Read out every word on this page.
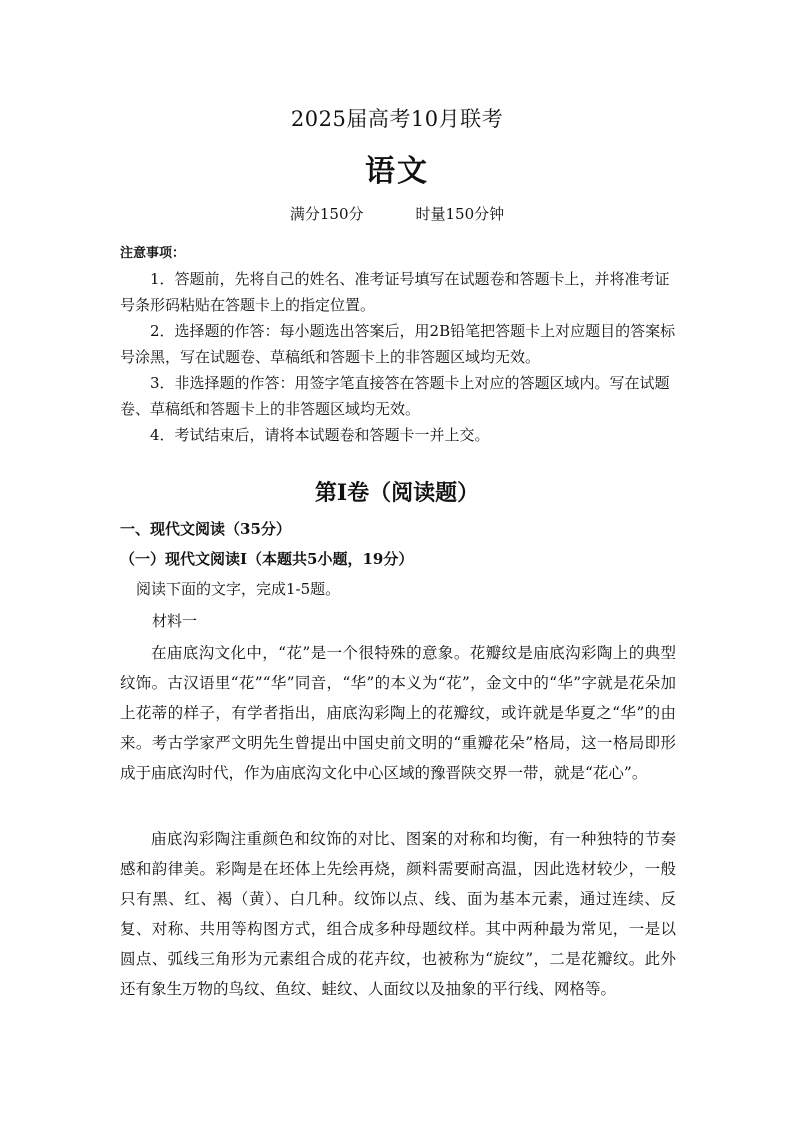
2025届高考10月联考
语文
满分150分	时量150分钟
注意事项：

1．答题前，先将自己的姓名、准考证号填写在试题卷和答题卡上，并将准考证号条形码粘贴在答题卡上的指定位置。

2．选择题的作答：每小题选出答案后，用2B铅笔把答题卡上对应题目的答案标号涂黑，写在试题卷、草稿纸和答题卡上的非答题区域均无效。

3．非选择题的作答：用签字笔直接答在答题卡上对应的答题区域内。写在试题卷、草稿纸和答题卡上的非答题区域均无效。

4．考试结束后，请将本试题卷和答题卡一并上交。

第Ⅰ卷（阅读题）
一、现代文阅读（35分）
（一）现代文阅读Ⅰ（本题共5小题，19分）
阅读下面的文字，完成1-5题。
材料一

在庙底沟文化中，“花”是一个很特殊的意象。花瓣纹是庙底沟彩陶上的典型纹饰。古汉语里“花”“华”同音，“华”的本义为“花”，金文中的“华”字就是花朵加上花蒂的样子，有学者指出，庙底沟彩陶上的花瓣纹，或许就是华夏之“华”的由来。考古学家严文明先生曾提出中国史前文明的“重瓣花朵”格局，这一格局即形成于庙底沟时代，作为庙底沟文化中心区域的豫晋陕交界一带，就是“花心”。

庙底沟彩陶注重颜色和纹饰的对比、图案的对称和均衡，有一种独特的节奏感和韵律美。彩陶是在坯体上先绘再烧，颜料需要耐高温，因此选材较少，一般只有黑、红、褐（黄）、白几种。纹饰以点、线、面为基本元素，通过连续、反复、对称、共用等构图方式，组合成多种母题纹样。其中两种最为常见，一是以圆点、弧线三角形为元素组合成的花卉纹，也被称为“旋纹”，二是花瓣纹。此外还有象生万物的鸟纹、鱼纹、蛙纹、人面纹以及抽象的平行线、网格等。
